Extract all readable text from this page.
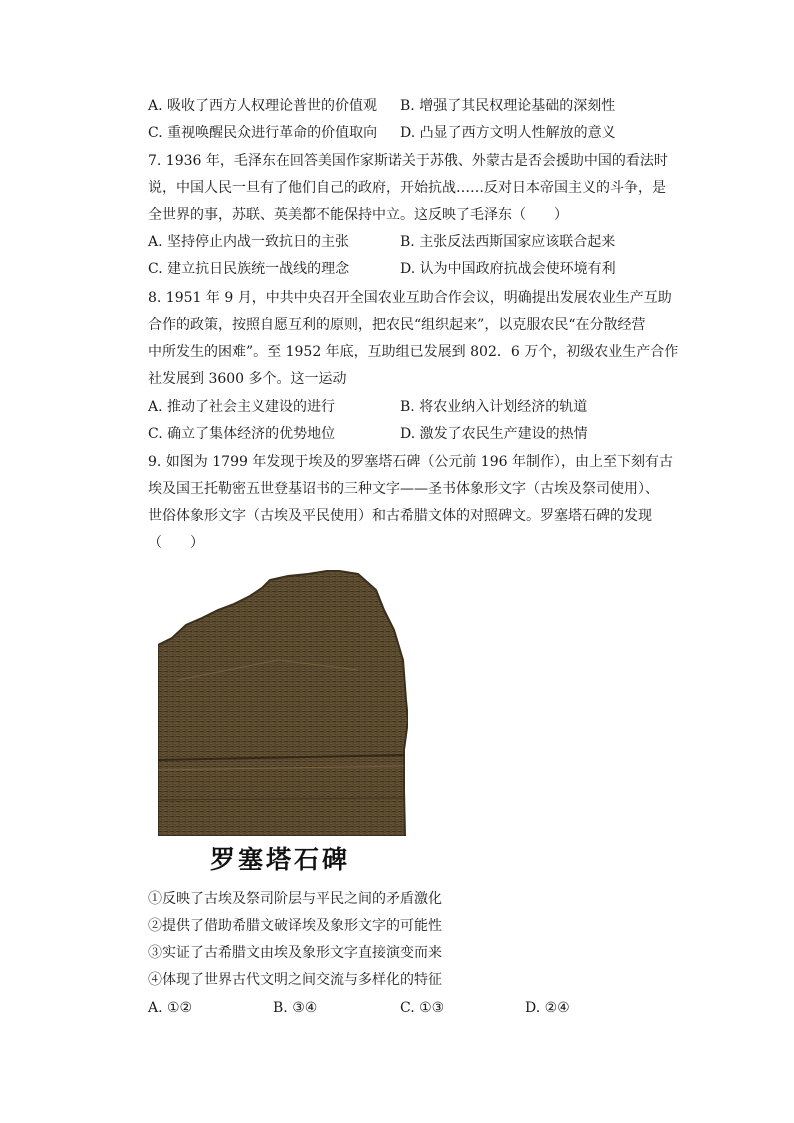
A. 吸收了西方人权理论普世的价值观 B. 增强了其民权理论基础的深刻性
C. 重视唤醒民众进行革命的价值取向 D. 凸显了西方文明人性解放的意义
7. 1936 年，毛泽东在回答美国作家斯诺关于苏俄、外蒙古是否会援助中国的看法时
说，中国人民一旦有了他们自己的政府，开始抗战……反对日本帝国主义的斗争，是
全世界的事，苏联、英美都不能保持中立。这反映了毛泽东（　　）
A. 坚持停止内战一致抗日的主张	B. 主张反法西斯国家应该联合起来
C. 建立抗日民族统一战线的理念	D. 认为中国政府抗战会使环境有利
8. 1951 年 9 月，中共中央召开全国农业互助合作会议，明确提出发展农业生产互助
合作的政策，按照自愿互利的原则，把农民“组织起来”，以克服农民“在分散经营
中所发生的困难”。至 1952 年底，互助组已发展到 802．6 万个，初级农业生产合作
社发展到 3600 多个。这一运动
A. 推动了社会主义建设的进行	B. 将农业纳入计划经济的轨道
C. 确立了集体经济的优势地位	D. 激发了农民生产建设的热情
9. 如图为 1799 年发现于埃及的罗塞塔石碑（公元前 196 年制作），由上至下刻有古
埃及国王托勒密五世登基诏书的三种文字——圣书体象形文字（古埃及祭司使用）、
世俗体象形文字（古埃及平民使用）和古希腊文体的对照碑文。罗塞塔石碑的发现
（　　）
罗塞塔石碑
①反映了古埃及祭司阶层与平民之间的矛盾激化
②提供了借助希腊文破译埃及象形文字的可能性
③实证了古希腊文由埃及象形文字直接演变而来
④体现了世界古代文明之间交流与多样化的特征
A. ①②	B. ③④	C. ①③	D. ②④
